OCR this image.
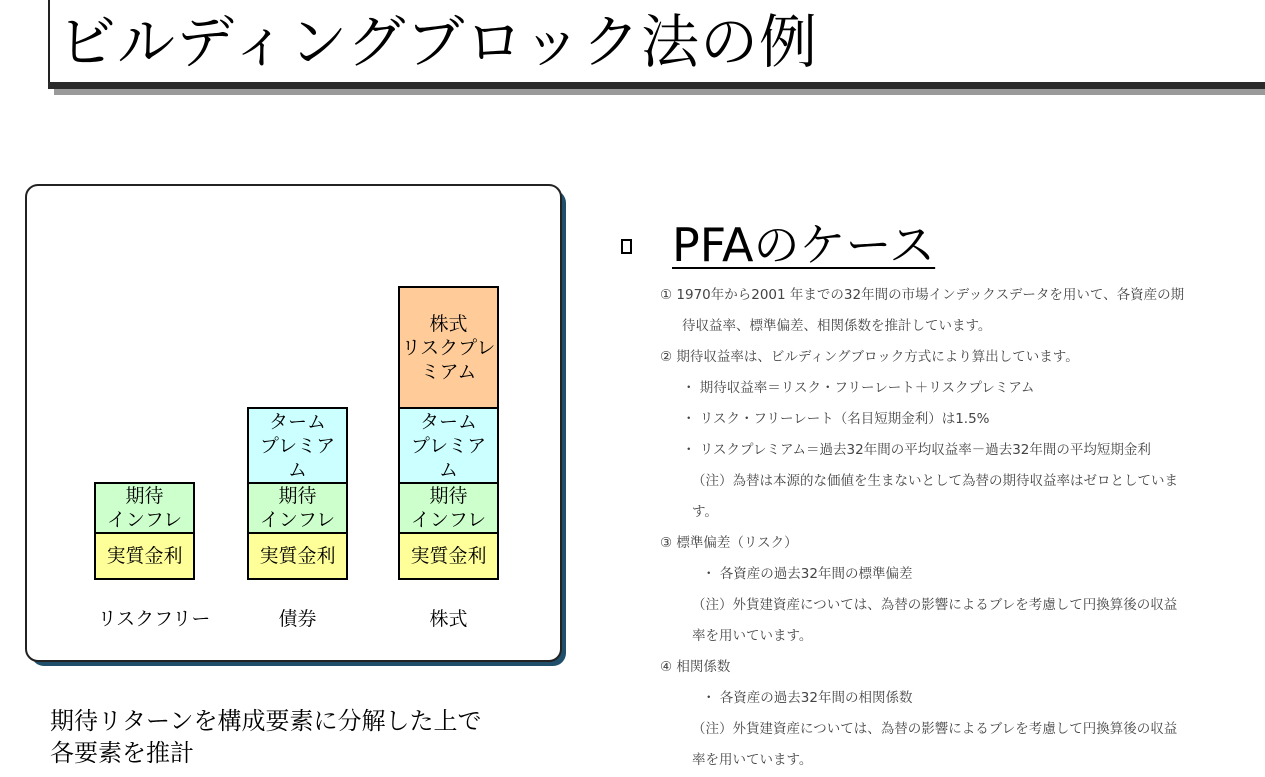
ビルディングブロック法の例
実質金利
期待
インフレ
リスクフリー
実質金利
期待
インフレ
ターム
プレミア
ム
債券
実質金利
期待
インフレ
ターム
プレミア
ム
株式
リスクプレ
ミアム
株式
期待リターンを構成要素に分解した上で
各要素を推計
PFAのケース
① 1970年から2001 年までの32年間の市場インデックスデータを用いて、各資産の期
待収益率、標準偏差、相関係数を推計しています。
② 期待収益率は、ビルディングブロック方式により算出しています。
・ 期待収益率＝リスク・フリーレート＋リスクプレミアム
・ リスク・フリーレート（名目短期金利）は1.5%
・ リスクプレミアム＝過去32年間の平均収益率－過去32年間の平均短期金利
（注）為替は本源的な価値を生まないとして為替の期待収益率はゼロとしていま
す。
③ 標準偏差（リスク）
・ 各資産の過去32年間の標準偏差
（注）外貨建資産については、為替の影響によるブレを考慮して円換算後の収益
率を用いています。
④ 相関係数
・ 各資産の過去32年間の相関係数
（注）外貨建資産については、為替の影響によるブレを考慮して円換算後の収益
率を用いています。
